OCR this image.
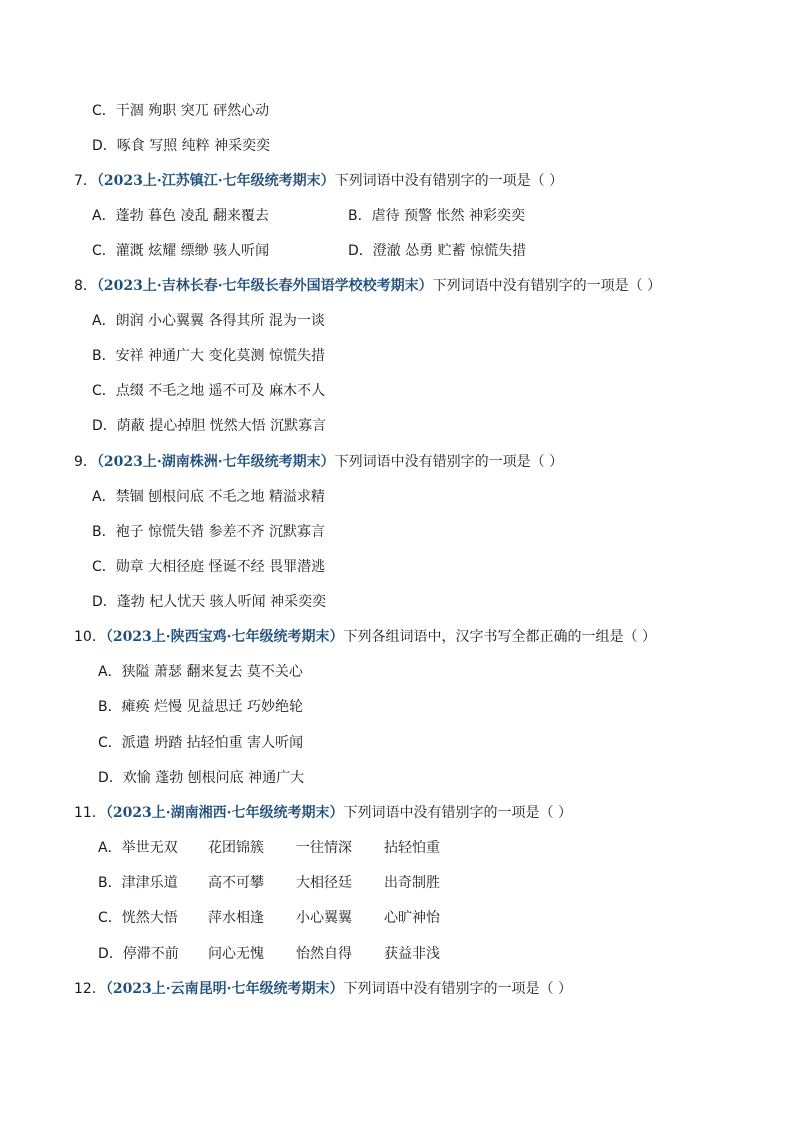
C．干涸 殉职 突兀 砰然心动
D．啄食 写照 纯粹 神采奕奕
7．（2023上·江苏镇江·七年级统考期末）下列词语中没有错别字的一项是（ ）
A．蓬勃 暮色 凌乱 翻来覆去	B．虐待 预警 怅然 神彩奕奕
C．灌溉 炫耀 缥缈 骇人听闻	D．澄澈 怂勇 贮蓄 惊慌失措
8．（2023上·吉林长春·七年级长春外国语学校校考期末）下列词语中没有错别字的一项是（ ）
A．朗润 小心翼翼 各得其所 混为一谈
B．安祥 神通广大 变化莫测 惊慌失措
C．点缀 不毛之地 遥不可及 麻木不人
D．荫蔽 提心掉胆 恍然大悟 沉默寡言
9．（2023上·湖南株洲·七年级统考期末）下列词语中没有错别字的一项是（ ）
A．禁锢 刨根问底 不毛之地 精溢求精
B．袍子 惊慌失错 参差不齐 沉默寡言
C．勋章 大相径庭 怪诞不经 畏罪潜逃
D．蓬勃 杞人忧天 骇人听闻 神采奕奕
10．（2023上·陕西宝鸡·七年级统考期末）下列各组词语中，汉字书写全都正确的一组是（ ）
A．狭隘 萧瑟 翻来复去 莫不关心
B．瘫痪 烂慢 见益思迁 巧妙绝轮
C．派遣 坍踏 拈轻怕重 害人听闻
D．欢愉 蓬勃 刨根问底 神通广大
11．（2023上·湖南湘西·七年级统考期末）下列词语中没有错别字的一项是（ ）
A．举世无双 花团锦簇 一往情深 拈轻怕重
B．津津乐道 高不可攀 大相径廷 出奇制胜
C．恍然大悟 萍水相逢 小心翼翼 心旷神怡
D．停滞不前 问心无愧 怡然自得 获益非浅
12．（2023上·云南昆明·七年级统考期末）下列词语中没有错别字的一项是（ ）
